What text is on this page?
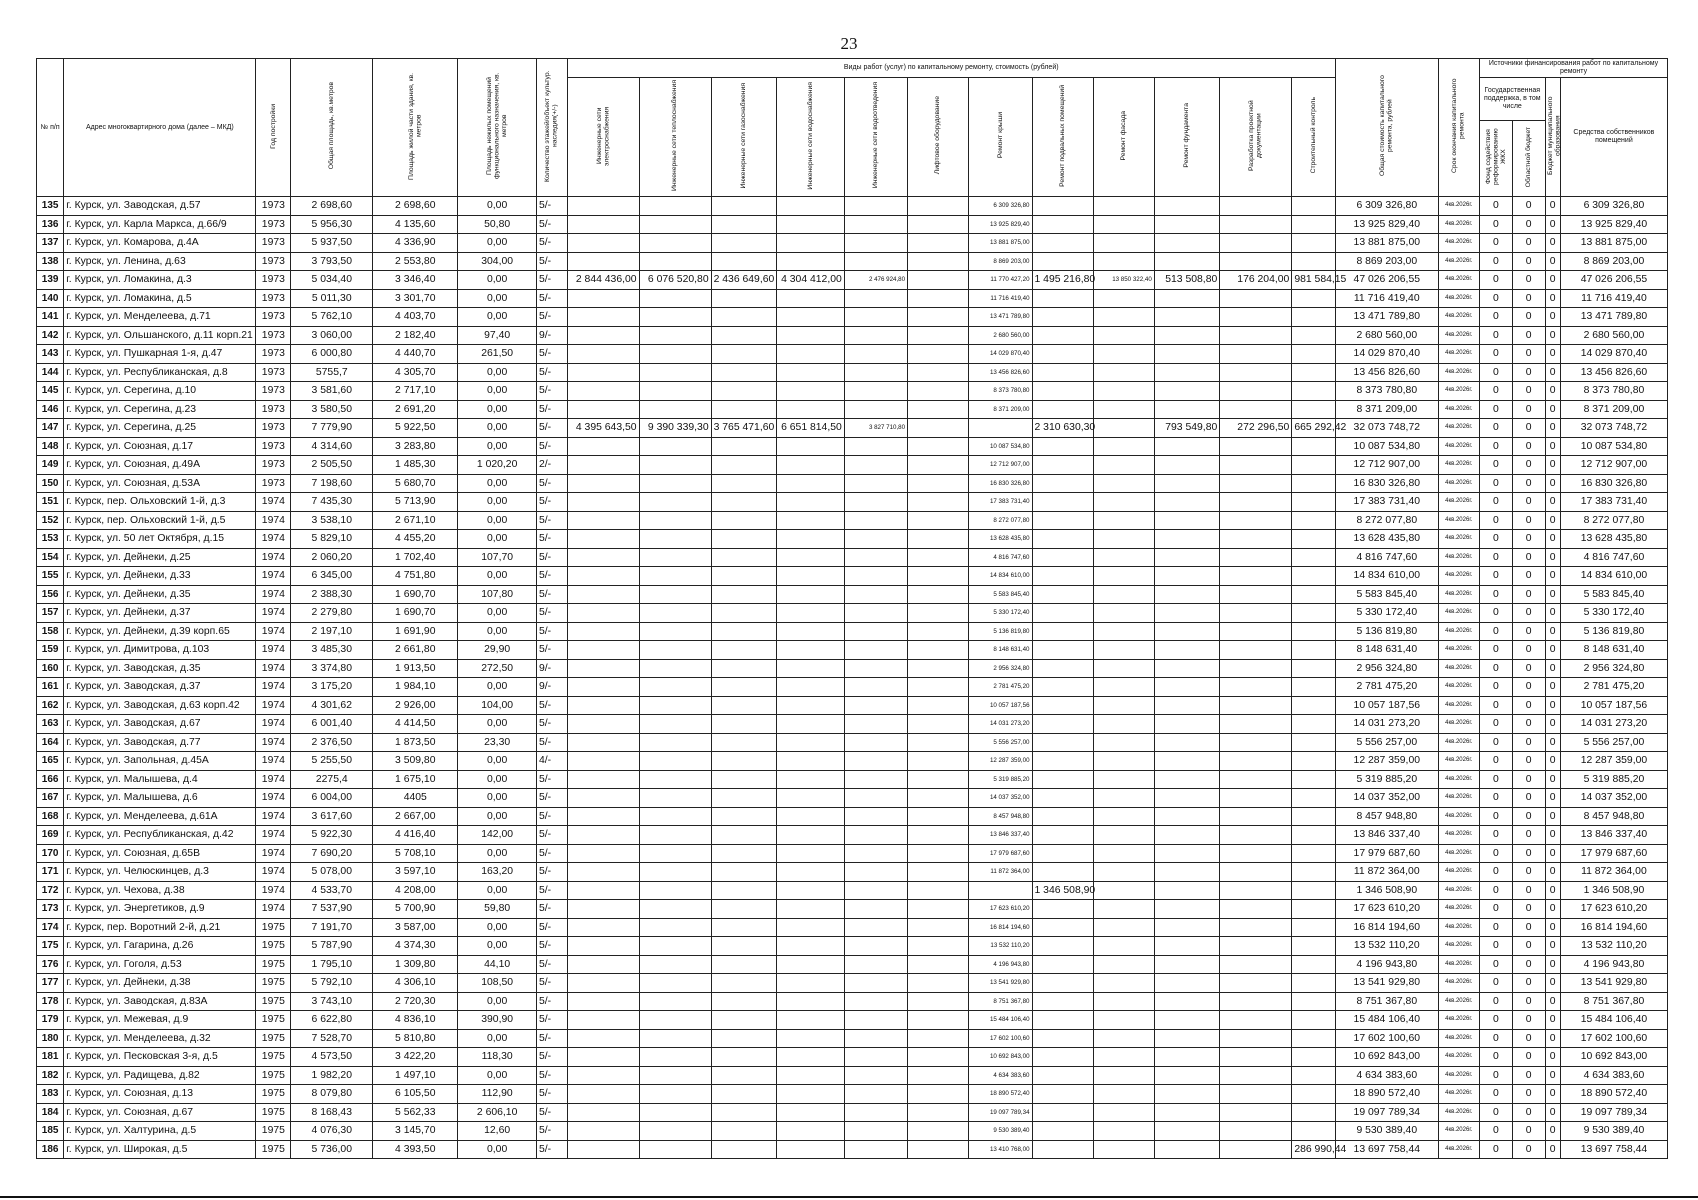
23
№ п/п	Адрес многоквартирного дома (далее – МКД)	Год постройки	Общая площадь, кв.метров	Площадь жилой части здания, кв. метров	Площадь нежилых помещений функционального назначения, кв. метров	Количество этажей/объект культур. наследия(+/-)	Виды работ (услуг) по капитальному ремонту, стоимость (рублей)												Общая стоимость капитального ремонта, рублей	Срок окончания капитального ремонта	Источники финансирования работ по капитальному ремонту			
							Инженерные сети электроснабжения	Инженерные сети теплоснабжения	Инженерные сети газоснабжения	Инженерные сети водоснабжения	Инженерные сети водоотведения	Лифтовое оборудование	Ремонт крыши	Ремонт подвальных помещений	Ремонт фасада	Ремонт фундамента	Разработка проектной документации	Строительный контроль			Государственная поддержка, в том числе		Бюджет муниципального образования	Средства собственников помещений
																					Фонд содействия реформированию ЖКХ	Областной бюджет		
135	г. Курск, ул. Заводская, д.57	1973	2 698,60	2 698,60	0,00	5/-							6 309 326,80						6 309 326,80	4кв.2026г.	0	0	0	6 309 326,80
136	г. Курск, ул. Карла Маркса, д.66/9	1973	5 956,30	4 135,60	50,80	5/-							13 925 829,40						13 925 829,40	4кв.2026г.	0	0	0	13 925 829,40
137	г. Курск, ул. Комарова, д.4А	1973	5 937,50	4 336,90	0,00	5/-							13 881 875,00						13 881 875,00	4кв.2026г.	0	0	0	13 881 875,00
138	г. Курск, ул. Ленина, д.63	1973	3 793,50	2 553,80	304,00	5/-							8 869 203,00						8 869 203,00	4кв.2026г.	0	0	0	8 869 203,00
139	г. Курск, ул. Ломакина, д.3	1973	5 034,40	3 346,40	0,00	5/-	2 844 436,00	6 076 520,80	2 436 649,60	4 304 412,00	2 476 924,80		11 770 427,20	1 495 216,80	13 850 322,40	513 508,80	176 204,00	981 584,15	47 026 206,55	4кв.2026г.	0	0	0	47 026 206,55
140	г. Курск, ул. Ломакина, д.5	1973	5 011,30	3 301,70	0,00	5/-							11 716 419,40						11 716 419,40	4кв.2026г.	0	0	0	11 716 419,40
141	г. Курск, ул. Менделеева, д.71	1973	5 762,10	4 403,70	0,00	5/-							13 471 789,80						13 471 789,80	4кв.2026г.	0	0	0	13 471 789,80
142	г. Курск, ул. Ольшанского, д.11 корп.21	1973	3 060,00	2 182,40	97,40	9/-							2 680 560,00						2 680 560,00	4кв.2026г.	0	0	0	2 680 560,00
143	г. Курск, ул. Пушкарная 1-я, д.47	1973	6 000,80	4 440,70	261,50	5/-							14 029 870,40						14 029 870,40	4кв.2026г.	0	0	0	14 029 870,40
144	г. Курск, ул. Республиканская, д.8	1973	5755,7	4 305,70	0,00	5/-							13 456 826,60						13 456 826,60	4кв.2026г.	0	0	0	13 456 826,60
145	г. Курск, ул. Серегина, д.10	1973	3 581,60	2 717,10	0,00	5/-							8 373 780,80						8 373 780,80	4кв.2026г.	0	0	0	8 373 780,80
146	г. Курск, ул. Серегина, д.23	1973	3 580,50	2 691,20	0,00	5/-							8 371 209,00						8 371 209,00	4кв.2026г.	0	0	0	8 371 209,00
147	г. Курск, ул. Серегина, д.25	1973	7 779,90	5 922,50	0,00	5/-	4 395 643,50	9 390 339,30	3 765 471,60	6 651 814,50	3 827 710,80			2 310 630,30		793 549,80	272 296,50	665 292,42	32 073 748,72	4кв.2026г.	0	0	0	32 073 748,72
148	г. Курск, ул. Союзная, д.17	1973	4 314,60	3 283,80	0,00	5/-							10 087 534,80						10 087 534,80	4кв.2026г.	0	0	0	10 087 534,80
149	г. Курск, ул. Союзная, д.49А	1973	2 505,50	1 485,30	1 020,20	2/-							12 712 907,00						12 712 907,00	4кв.2026г.	0	0	0	12 712 907,00
150	г. Курск, ул. Союзная, д.53А	1973	7 198,60	5 680,70	0,00	5/-							16 830 326,80						16 830 326,80	4кв.2026г.	0	0	0	16 830 326,80
151	г. Курск, пер. Ольховский 1-й, д.3	1974	7 435,30	5 713,90	0,00	5/-							17 383 731,40						17 383 731,40	4кв.2026г.	0	0	0	17 383 731,40
152	г. Курск, пер. Ольховский 1-й, д.5	1974	3 538,10	2 671,10	0,00	5/-							8 272 077,80						8 272 077,80	4кв.2026г.	0	0	0	8 272 077,80
153	г. Курск, ул. 50 лет Октября, д.15	1974	5 829,10	4 455,20	0,00	5/-							13 628 435,80						13 628 435,80	4кв.2026г.	0	0	0	13 628 435,80
154	г. Курск, ул. Дейнеки, д.25	1974	2 060,20	1 702,40	107,70	5/-							4 816 747,60						4 816 747,60	4кв.2026г.	0	0	0	4 816 747,60
155	г. Курск, ул. Дейнеки, д.33	1974	6 345,00	4 751,80	0,00	5/-							14 834 610,00						14 834 610,00	4кв.2026г.	0	0	0	14 834 610,00
156	г. Курск, ул. Дейнеки, д.35	1974	2 388,30	1 690,70	107,80	5/-							5 583 845,40						5 583 845,40	4кв.2026г.	0	0	0	5 583 845,40
157	г. Курск, ул. Дейнеки, д.37	1974	2 279,80	1 690,70	0,00	5/-							5 330 172,40						5 330 172,40	4кв.2026г.	0	0	0	5 330 172,40
158	г. Курск, ул. Дейнеки, д.39 корп.65	1974	2 197,10	1 691,90	0,00	5/-							5 136 819,80						5 136 819,80	4кв.2026г.	0	0	0	5 136 819,80
159	г. Курск, ул. Димитрова, д.103	1974	3 485,30	2 661,80	29,90	5/-							8 148 631,40						8 148 631,40	4кв.2026г.	0	0	0	8 148 631,40
160	г. Курск, ул. Заводская, д.35	1974	3 374,80	1 913,50	272,50	9/-							2 956 324,80						2 956 324,80	4кв.2026г.	0	0	0	2 956 324,80
161	г. Курск, ул. Заводская, д.37	1974	3 175,20	1 984,10	0,00	9/-							2 781 475,20						2 781 475,20	4кв.2026г.	0	0	0	2 781 475,20
162	г. Курск, ул. Заводская, д.63 корп.42	1974	4 301,62	2 926,00	104,00	5/-							10 057 187,56						10 057 187,56	4кв.2026г.	0	0	0	10 057 187,56
163	г. Курск, ул. Заводская, д.67	1974	6 001,40	4 414,50	0,00	5/-							14 031 273,20						14 031 273,20	4кв.2026г.	0	0	0	14 031 273,20
164	г. Курск, ул. Заводская, д.77	1974	2 376,50	1 873,50	23,30	5/-							5 556 257,00						5 556 257,00	4кв.2026г.	0	0	0	5 556 257,00
165	г. Курск, ул. Запольная, д.45А	1974	5 255,50	3 509,80	0,00	4/-							12 287 359,00						12 287 359,00	4кв.2026г.	0	0	0	12 287 359,00
166	г. Курск, ул. Малышева, д.4	1974	2275,4	1 675,10	0,00	5/-							5 319 885,20						5 319 885,20	4кв.2026г.	0	0	0	5 319 885,20
167	г. Курск, ул. Малышева, д.6	1974	6 004,00	4405	0,00	5/-							14 037 352,00						14 037 352,00	4кв.2026г.	0	0	0	14 037 352,00
168	г. Курск, ул. Менделеева, д.61А	1974	3 617,60	2 667,00	0,00	5/-							8 457 948,80						8 457 948,80	4кв.2026г.	0	0	0	8 457 948,80
169	г. Курск, ул. Республиканская, д.42	1974	5 922,30	4 416,40	142,00	5/-							13 846 337,40						13 846 337,40	4кв.2026г.	0	0	0	13 846 337,40
170	г. Курск, ул. Союзная, д.65В	1974	7 690,20	5 708,10	0,00	5/-							17 979 687,60						17 979 687,60	4кв.2026г.	0	0	0	17 979 687,60
171	г. Курск, ул. Челюскинцев, д.3	1974	5 078,00	3 597,10	163,20	5/-							11 872 364,00						11 872 364,00	4кв.2026г.	0	0	0	11 872 364,00
172	г. Курск, ул. Чехова, д.38	1974	4 533,70	4 208,00	0,00	5/-								1 346 508,90					1 346 508,90	4кв.2026г.	0	0	0	1 346 508,90
173	г. Курск, ул. Энергетиков, д.9	1974	7 537,90	5 700,90	59,80	5/-							17 623 610,20						17 623 610,20	4кв.2026г.	0	0	0	17 623 610,20
174	г. Курск, пер. Воротний 2-й, д.21	1975	7 191,70	3 587,00	0,00	5/-							16 814 194,60						16 814 194,60	4кв.2026г.	0	0	0	16 814 194,60
175	г. Курск, ул. Гагарина, д.26	1975	5 787,90	4 374,30	0,00	5/-							13 532 110,20						13 532 110,20	4кв.2026г.	0	0	0	13 532 110,20
176	г. Курск, ул. Гоголя, д.53	1975	1 795,10	1 309,80	44,10	5/-							4 196 943,80						4 196 943,80	4кв.2026г.	0	0	0	4 196 943,80
177	г. Курск, ул. Дейнеки, д.38	1975	5 792,10	4 306,10	108,50	5/-							13 541 929,80						13 541 929,80	4кв.2026г.	0	0	0	13 541 929,80
178	г. Курск, ул. Заводская, д.83А	1975	3 743,10	2 720,30	0,00	5/-							8 751 367,80						8 751 367,80	4кв.2026г.	0	0	0	8 751 367,80
179	г. Курск, ул. Межевая, д.9	1975	6 622,80	4 836,10	390,90	5/-							15 484 106,40						15 484 106,40	4кв.2026г.	0	0	0	15 484 106,40
180	г. Курск, ул. Менделеева, д.32	1975	7 528,70	5 810,80	0,00	5/-							17 602 100,60						17 602 100,60	4кв.2026г.	0	0	0	17 602 100,60
181	г. Курск, ул. Песковская 3-я, д.5	1975	4 573,50	3 422,20	118,30	5/-							10 692 843,00						10 692 843,00	4кв.2026г.	0	0	0	10 692 843,00
182	г. Курск, ул. Радищева, д.82	1975	1 982,20	1 497,10	0,00	5/-							4 634 383,60						4 634 383,60	4кв.2026г.	0	0	0	4 634 383,60
183	г. Курск, ул. Союзная, д.13	1975	8 079,80	6 105,50	112,90	5/-							18 890 572,40						18 890 572,40	4кв.2026г.	0	0	0	18 890 572,40
184	г. Курск, ул. Союзная, д.67	1975	8 168,43	5 562,33	2 606,10	5/-							19 097 789,34						19 097 789,34	4кв.2026г.	0	0	0	19 097 789,34
185	г. Курск, ул. Халтурина, д.5	1975	4 076,30	3 145,70	12,60	5/-							9 530 389,40						9 530 389,40	4кв.2026г.	0	0	0	9 530 389,40
186	г. Курск, ул. Широкая, д.5	1975	5 736,00	4 393,50	0,00	5/-							13 410 768,00					286 990,44	13 697 758,44	4кв.2026г.	0	0	0	13 697 758,44
